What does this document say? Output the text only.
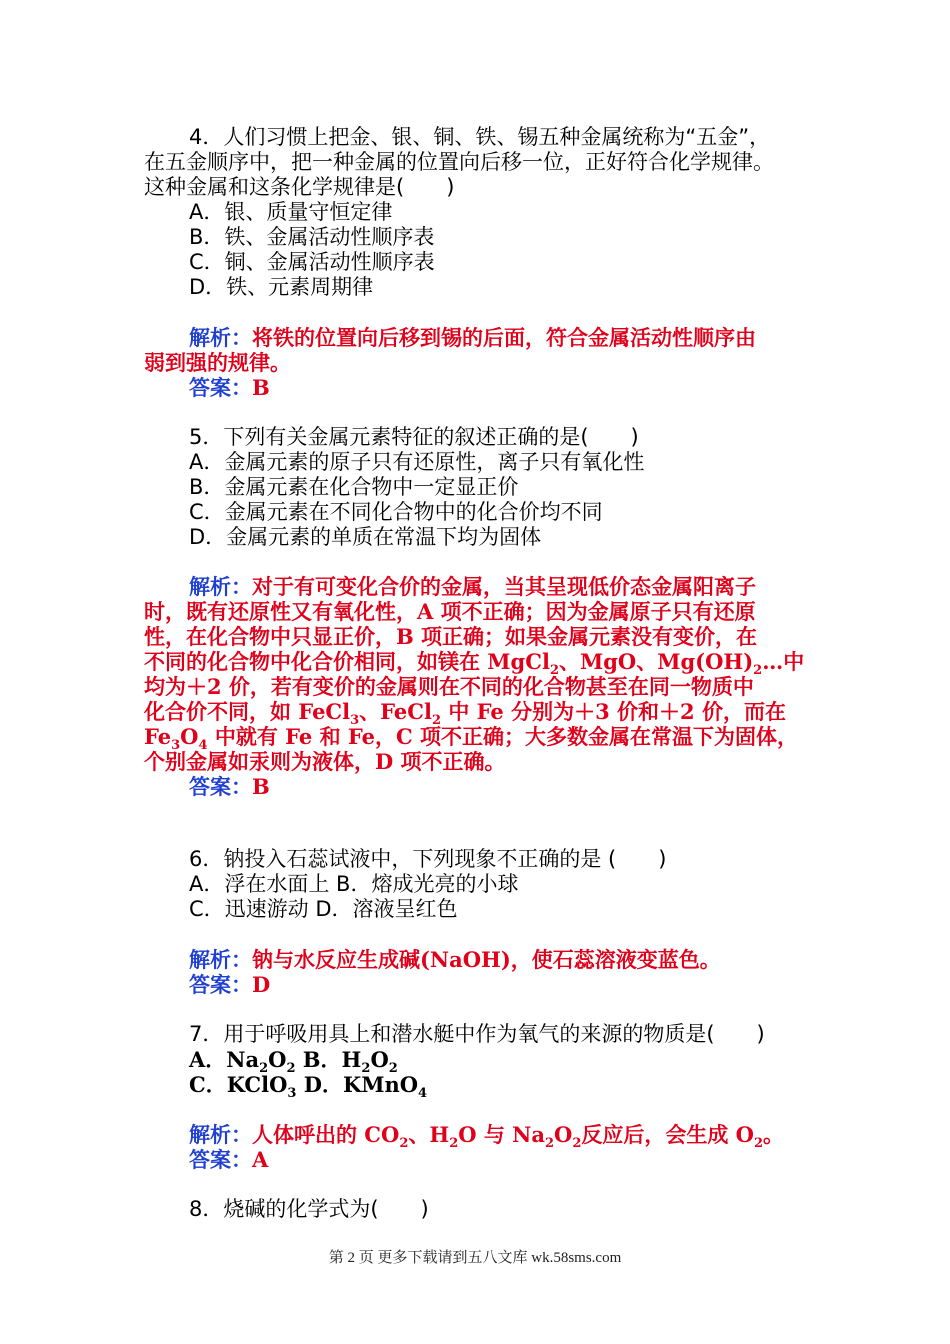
4．人们习惯上把金、银、铜、铁、锡五种金属统称为“五金”，
在五金顺序中，把一种金属的位置向后移一位，正好符合化学规律。
这种金属和这条化学规律是(　　)
A．银、质量守恒定律
B．铁、金属活动性顺序表
C．铜、金属活动性顺序表
D．铁、元素周期律
解析：将铁的位置向后移到锡的后面，符合金属活动性顺序由
弱到强的规律。
答案：B
5．下列有关金属元素特征的叙述正确的是(　　)
A．金属元素的原子只有还原性，离子只有氧化性
B．金属元素在化合物中一定显正价
C．金属元素在不同化合物中的化合价均不同
D．金属元素的单质在常温下均为固体
解析：对于有可变化合价的金属，当其呈现低价态金属阳离子
时，既有还原性又有氧化性，A 项不正确；因为金属原子只有还原
性，在化合物中只显正价，B 项正确；如果金属元素没有变价，在
不同的化合物中化合价相同，如镁在 MgCl$_2$、MgO、$Mg(OH)_2\dots$中
均为＋2 价，若有变价的金属则在不同的化合物甚至在同一物质中
化合价不同，如 FeCl$_3$、FeCl$_2$ 中 Fe 分别为＋3 价和＋2 价，而在
$Fe_3O_4$ 中就有 Fe 和 Fe，C 项不正确；大多数金属在常温下为固体，
个别金属如汞则为液体，D 项不正确。
答案：B
6．钠投入石蕊试液中，下列现象不正确的是 (　　)
A．浮在水面上 B．熔成光亮的小球
C．迅速游动 D．溶液呈红色
解析：钠与水反应生成碱(NaOH)，使石蕊溶液变蓝色。
答案：D
7．用于呼吸用具上和潜水艇中作为氧气的来源的物质是(　　)
A．$Na_2O_2$ B．$H_2O_2$
C．KClO$_3$ D．KMnO$_4$
解析：人体呼出的 $CO_2$、$H_2O$ 与 $Na_2O_2$反应后，会生成 $O_2$。
答案：A
8．烧碱的化学式为(　　)
第 2 页 更多下载请到五八文库 wk.58sms.com
